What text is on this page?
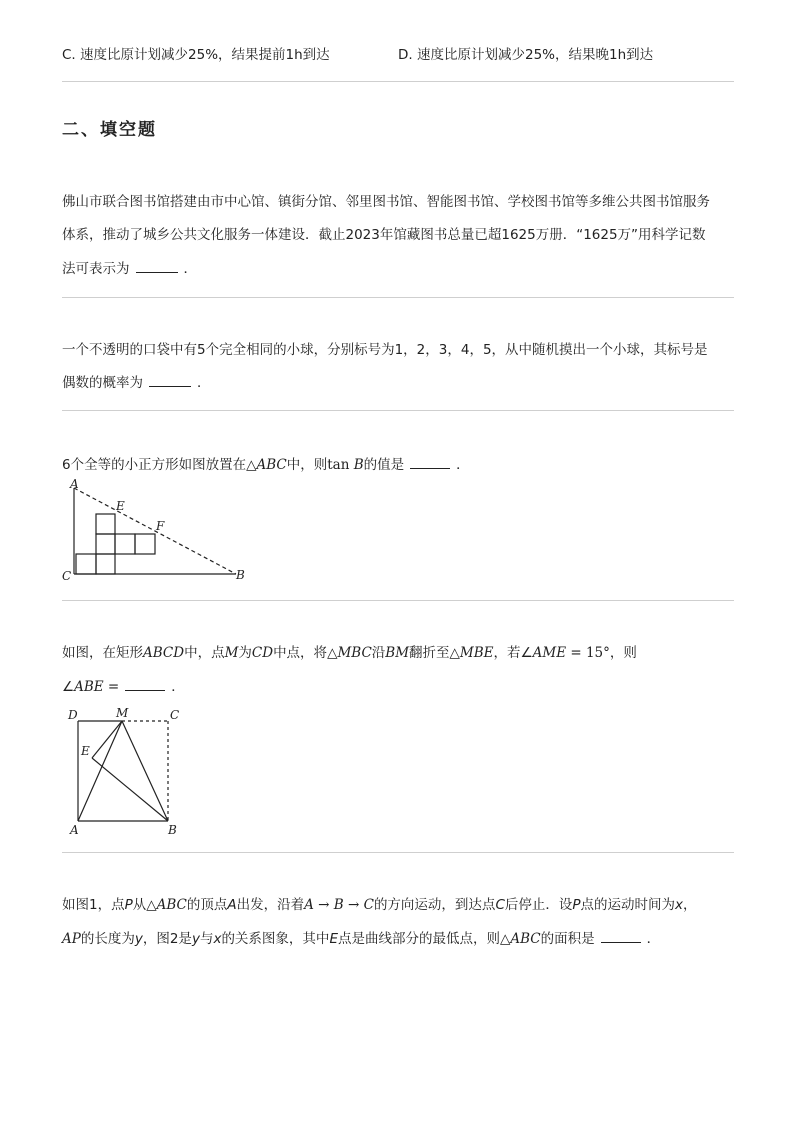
C. 速度比原计划减少25%，结果提前1h到达	D. 速度比原计划减少25%，结果晚1h到达
二、填空题
佛山市联合图书馆搭建由市中心馆、镇街分馆、邻里图书馆、智能图书馆、学校图书馆等多维公共图书馆服务
体系，推动了城乡公共文化服务一体建设．截止2023年馆藏图书总量已超1625万册．“1625万”用科学记数
法可表示为	．
一个不透明的口袋中有5个完全相同的小球，分别标号为1，2，3，4，5，从中随机摸出一个小球，其标号是
偶数的概率为	．
6个全等的小正方形如图放置在△ABC中，则tan B的值是	．
A
E
F
C	B
如图，在矩形ABCD中，点M为CD中点，将△MBC沿BM翻折至△MBE，若∠AME = 15°，则
∠ABE =	．
D	M	C
E
A	B
如图1，点P从△ABC的顶点A出发，沿着A → B → C的方向运动，到达点C后停止．设P点的运动时间为x，
AP的长度为y，图2是y与x的关系图象，其中E点是曲线部分的最低点，则△ABC的面积是	．
